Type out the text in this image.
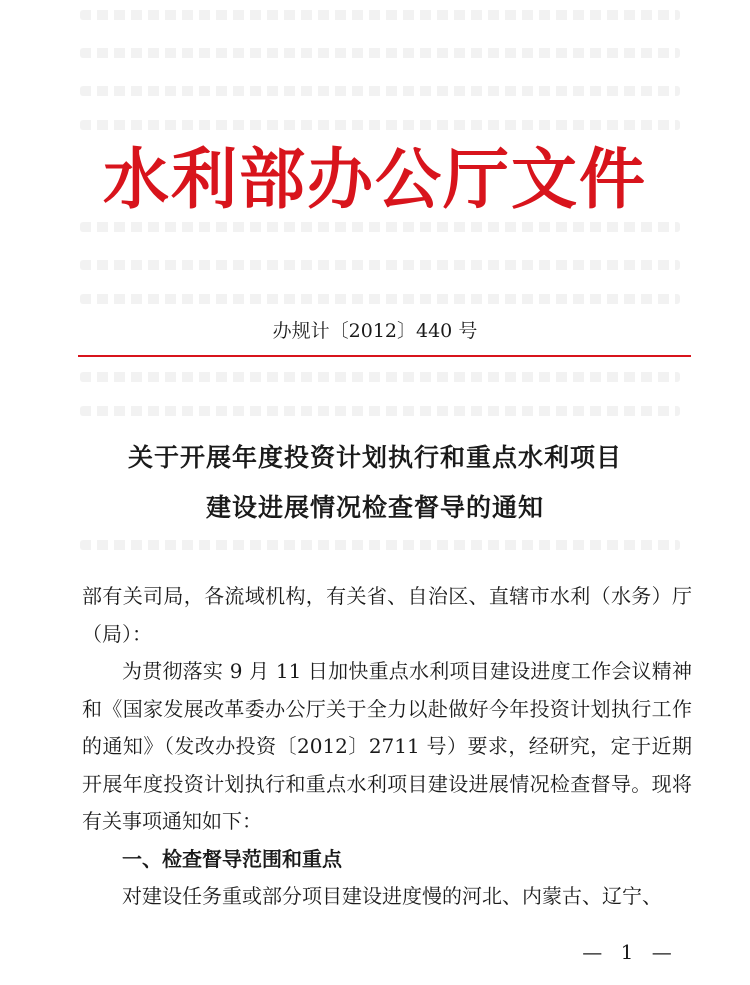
水利部办公厅文件
办规计〔2012〕440 号
关于开展年度投资计划执行和重点水利项目
建设进展情况检查督导的通知

部有关司局，各流域机构，有关省、自治区、直辖市水利（水务）厅（局）：

为贯彻落实 9 月 11 日加快重点水利项目建设进度工作会议精神和《国家发展改革委办公厅关于全力以赴做好今年投资计划执行工作的通知》（发改办投资〔2012〕2711 号）要求，经研究，定于近期开展年度投资计划执行和重点水利项目建设进展情况检查督导。现将有关事项通知如下：

一、检查督导范围和重点

对建设任务重或部分项目建设进度慢的河北、内蒙古、辽宁、

— 1 —
